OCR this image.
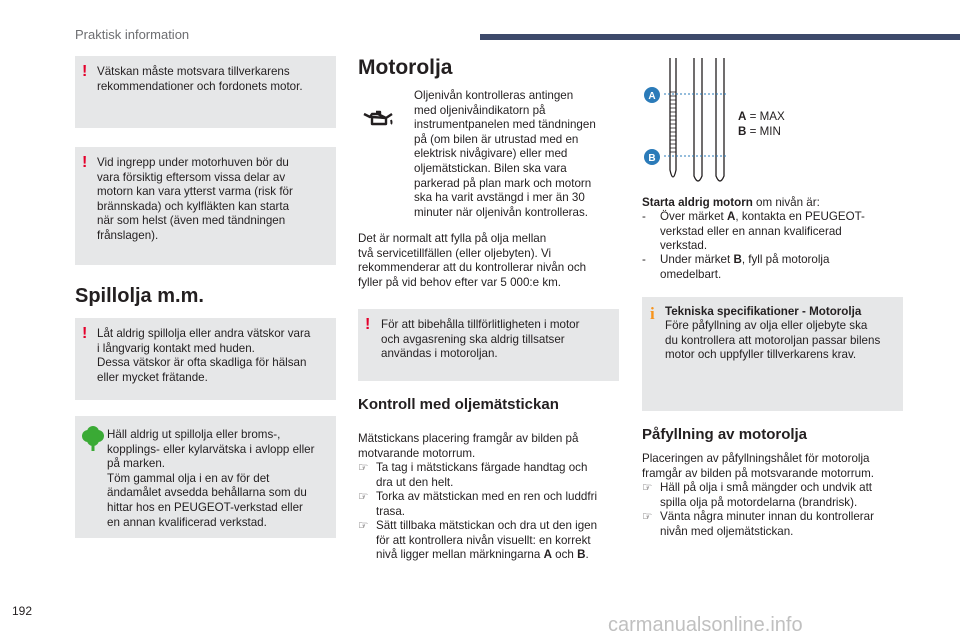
Praktisk information
! Vätskan måste motsvara tillverkarens
rekommendationer och fordonets motor.
! Vid ingrepp under motorhuven bör du
vara försiktig eftersom vissa delar av
motorn kan vara ytterst varma (risk för
brännskada) och kylfläkten kan starta
när som helst (även med tändningen
frånslagen).
Spillolja m.m.
! Låt aldrig spillolja eller andra vätskor vara
i långvarig kontakt med huden.
Dessa vätskor är ofta skadliga för hälsan
eller mycket frätande.
Häll aldrig ut spillolja eller broms-,
kopplings- eller kylarvätska i avlopp eller
på marken.
Töm gammal olja i en av för det
ändamålet avsedda behållarna som du
hittar hos en PEUGEOT-verkstad eller
en annan kvalificerad verkstad.
Motorolja
Oljenivån kontrolleras antingen
med oljenivåindikatorn på
instrumentpanelen med tändningen
på (om bilen är utrustad med en
elektrisk nivågivare) eller med
oljemätstickan. Bilen ska vara
parkerad på plan mark och motorn
ska ha varit avstängd i mer än 30
minuter när oljenivån kontrolleras.
Det är normalt att fylla på olja mellan
två servicetillfällen (eller oljebyten). Vi
rekommenderar att du kontrollerar nivån och
fyller på vid behov efter var 5 000:e km.
! För att bibehålla tillförlitligheten i motor
och avgasrening ska aldrig tillsatser
användas i motoroljan.
Kontroll med oljemätstickan
Mätstickans placering framgår av bilden på
motvarande motorrum.
☞ Ta tag i mätstickans färgade handtag och
dra ut den helt.
☞ Torka av mätstickan med en ren och luddfri
trasa.
☞ Sätt tillbaka mätstickan och dra ut den igen
för att kontrollera nivån visuellt: en korrekt
nivå ligger mellan märkningarna A och B.
A
B
A = MAX
B = MIN
Starta aldrig motorn om nivån är:
-	Över märket A, kontakta en PEUGEOT-
verkstad eller en annan kvalificerad
verkstad.
-	Under märket B, fyll på motorolja
omedelbart.
i Tekniska specifikationer - Motorolja
Före påfyllning av olja eller oljebyte ska
du kontrollera att motoroljan passar bilens
motor och uppfyller tillverkarens krav.
Påfyllning av motorolja
Placeringen av påfyllningshålet för motorolja
framgår av bilden på motsvarande motorrum.
☞ Häll på olja i små mängder och undvik att
spilla olja på motordelarna (brandrisk).
☞ Vänta några minuter innan du kontrollerar
nivån med oljemätstickan.
192
carmanualsonline.info
